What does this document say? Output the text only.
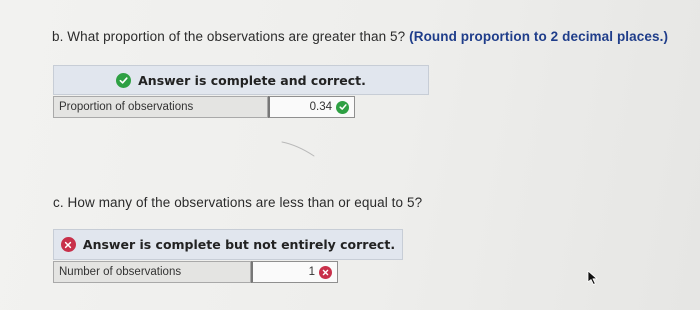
b. What proportion of the observations are greater than 5? (Round proportion to 2 decimal places.)
Answer is complete and correct.
Proportion of observations	0.34
c. How many of the observations are less than or equal to 5?
Answer is complete but not entirely correct.
Number of observations	1
